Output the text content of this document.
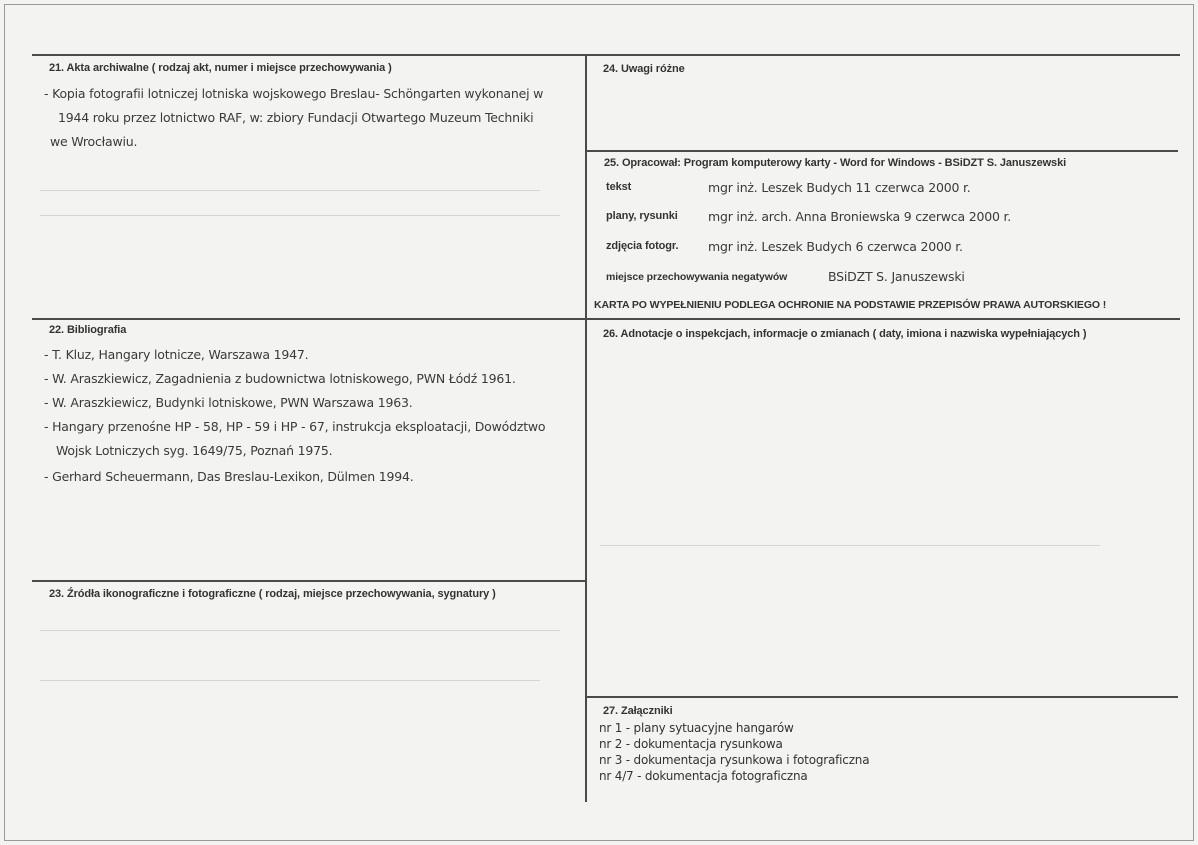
21. Akta archiwalne ( rodzaj akt, numer i miejsce przechowywania )
- Kopia fotografii lotniczej lotniska wojskowego Breslau- Schöngarten wykonanej w
1944 roku przez lotnictwo RAF, w: zbiory Fundacji Otwartego Muzeum Techniki
we Wrocławiu.
24. Uwagi różne
25. Opracował: Program komputerowy karty - Word for Windows - BSiDZT S. Januszewski
tekst	mgr inż. Leszek Budych 11 czerwca 2000 r.
plany, rysunki mgr inż. arch. Anna Broniewska 9 czerwca 2000 r.
zdjęcia fotogr. mgr inż. Leszek Budych 6 czerwca 2000 r.
miejsce przechowywania negatywów	BSiDZT S. Januszewski
KARTA PO WYPEŁNIENIU PODLEGA OCHRONIE NA PODSTAWIE PRZEPISÓW PRAWA AUTORSKIEGO !
22. Bibliografia
- T. Kluz, Hangary lotnicze, Warszawa 1947.
- W. Araszkiewicz, Zagadnienia z budownictwa lotniskowego, PWN Łódź 1961.
- W. Araszkiewicz, Budynki lotniskowe, PWN Warszawa 1963.
- Hangary przenośne HP - 58, HP - 59 i HP - 67, instrukcja eksploatacji, Dowództwo
Wojsk Lotniczych syg. 1649/75, Poznań 1975.
- Gerhard Scheuermann, Das Breslau-Lexikon, Dülmen 1994.
26. Adnotacje o inspekcjach, informacje o zmianach ( daty, imiona i nazwiska wypełniających )
23. Źródła ikonograficzne i fotograficzne ( rodzaj, miejsce przechowywania, sygnatury )
27. Załączniki
nr 1 - plany sytuacyjne hangarów
nr 2 - dokumentacja rysunkowa
nr 3 - dokumentacja rysunkowa i fotograficzna
nr 4/7 - dokumentacja fotograficzna
